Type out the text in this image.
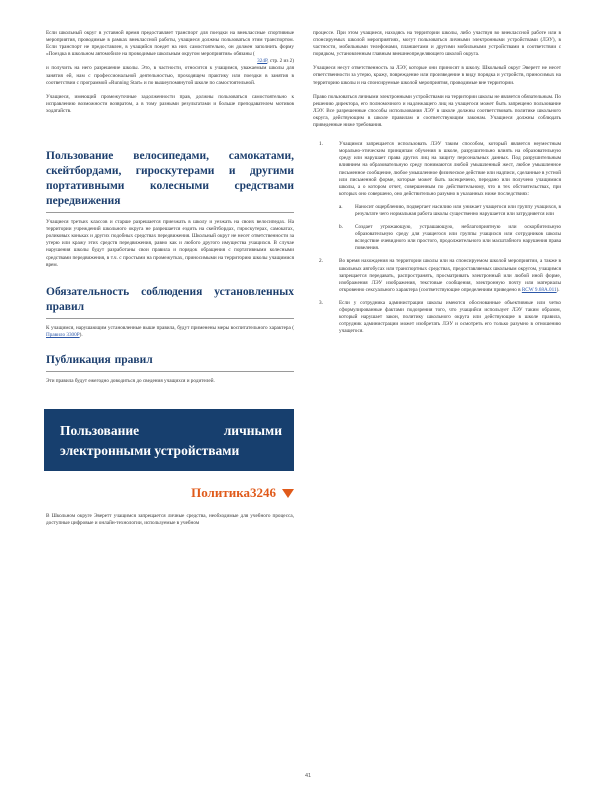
Если школьный округ в уставной время предоставляет транспорт для поездки на внеклассные спортивные мероприятия, проводимые в рамках внеклассной работы, учащиеся должны пользоваться этим транспортом. Если транспорт не предоставлен, в учащийся поедет на них самостоятельно, он должен заполнить форму «Поездка в школьном автомобиле на проводимые школьным округом мероприятия» обязаны (
324P, стр. 2 из 2)
и получить на него разрешение школы. Это, в частности, относится к учащимся, уважаемым школы для занятия ей, нам с профессиональной деятельностью, проходящем практику или поездки в занятия в соответствии с программой «Running Start» и по вышеупомянутой школе по самостоятельной.

Учащиеся, имеющий промежуточные задолженности прав, должны пользоваться самостоятельно к исправлению возможности возвратом, а в тому разными результатами и больше преподавателем мотивов ходатайств.

Пользование велосипедами, самокатами, скейтбордами, гироскутерами и другими портативными колесными средствами передвижения

Учащиеся третьих классов и старше разрешается приезжать в школу и уезжать на своих велосипедах. На территории учреждений школьного округа не разрешается ездить на скейтбордах, гироскутерах, самокатах, роликовых коньках и других подобных средствах передвижения. Школьный округ не несет ответственности за утерю или кражу этих средств передвижения, равно как и любого другого имущества учащихся. В случае нарушения школы будут разработаны свои правила и порядок обращения с портативными колесными средствами передвижения, в т.ч. с простыми на промежутках, приносимыми на территорию школы учащимися врем.

Обязательность соблюдения установленных правил

К учащимся, нарушающим установленные выше правила, будут применены меры воспитательного характера ( Правило 3300P).

Публикация правил

Эти правила будут ежегодно доводиться до сведения учащихся и родителей.

Пользование личными электронными устройствами
Политика3246

В Школьном округе Эверетт учащимся запрещается личные средства, необходимые для учебного процесса, доступные цифровые и онлайн-технологии, используемые в учебном

процессе. При этом учащиеся, находясь на территории школы, либо участвуя во внеклассной работе или в спонсируемых школой мероприятиях, могут пользоваться личными электронными устройствами (ЛЭУ), в частности, мобильными телефонами, планшетами и другими мобильными устройствами в соответствии с порядком, установленным главным внешнеопределяющего школой округа.

Учащиеся несут ответственность за ЛЭУ, которые они приносят в школу. Школьный округ Эверетт не несет ответственности за утерю, кражу, повреждение или произведение в виду порядка и устройств, приносимых на территорию школы и на спонсируемые школой мероприятия, проводимые вне территории.

Право пользоваться личными электронными устройствами на территории школы не является обязательным. По решению директора, его полномочного и надлежащего лиц на учащегося может быть запрещено пользование ЛЭУ. Все разрешенные способы использования ЛЭУ в школе должны соответствовать политике школьного округа, действующим в школе правилам и соответствующим законам. Учащиеся должны соблюдать приведенные ниже требования.

1.	Учащимся запрещается использовать ЛЭУ таким способом, который является неуместным морально-этическим принципам обучения в школе, разрушительно влиять на образовательную среду или нарушает права других лиц на защиту персональных данных. Под разрушительным влиянием на образовательную среду понимаются любой умышленный жест, любое умышленное письменное сообщение, любое умышленное физическое действие или надписи, сделанные в устной или письменной форме, которые может быть засекречено, передано или получено учащимися школы, а о котором отчет, совершенным по действительному, что в тех обстоятельствах, при которых оно совершено, оно действительно разумно в указанных ниже последствиях:

a. Наносит ощерблению, подвергает насилию или унижает учащегося или группу учащихся, в результате чего нормальная работа школы существенно нарушается или затрудняется или

b. Создает угрожающую, устрашающую, неблагоприятную или оскорбительную образовательную среду для учащегося или группы учащихся или сотрудников школы вследствие очевидного или простого, продолжительного или масштабного нарушения права повеления.

2.	Во время нахождения на территории школы или на спонсируемом школой мероприятии, а также в школьных автобусах или транспортных средствах, предоставляемых школьным округом, учащимся запрещается передавать, распространять, просматривать электронный или любой иной форме, изображения ЛЭУ изображения, текстовые сообщения, электронную почту или материалы откровенно сексуального характера (соответствующие определениям приведено в RCW 9.68A.011).

3.	Если у сотрудника администрации школы имеются обоснованные объективные или четко сформулированные фактами подозрения того, что учащийся использует ЛЭУ таким образом, который нарушает закон, политику школьного округа или действующие в школе правила, сотрудник администрации может изобретать ЛЭУ и осмотреть его только разумно в отношению учащегося.

41
